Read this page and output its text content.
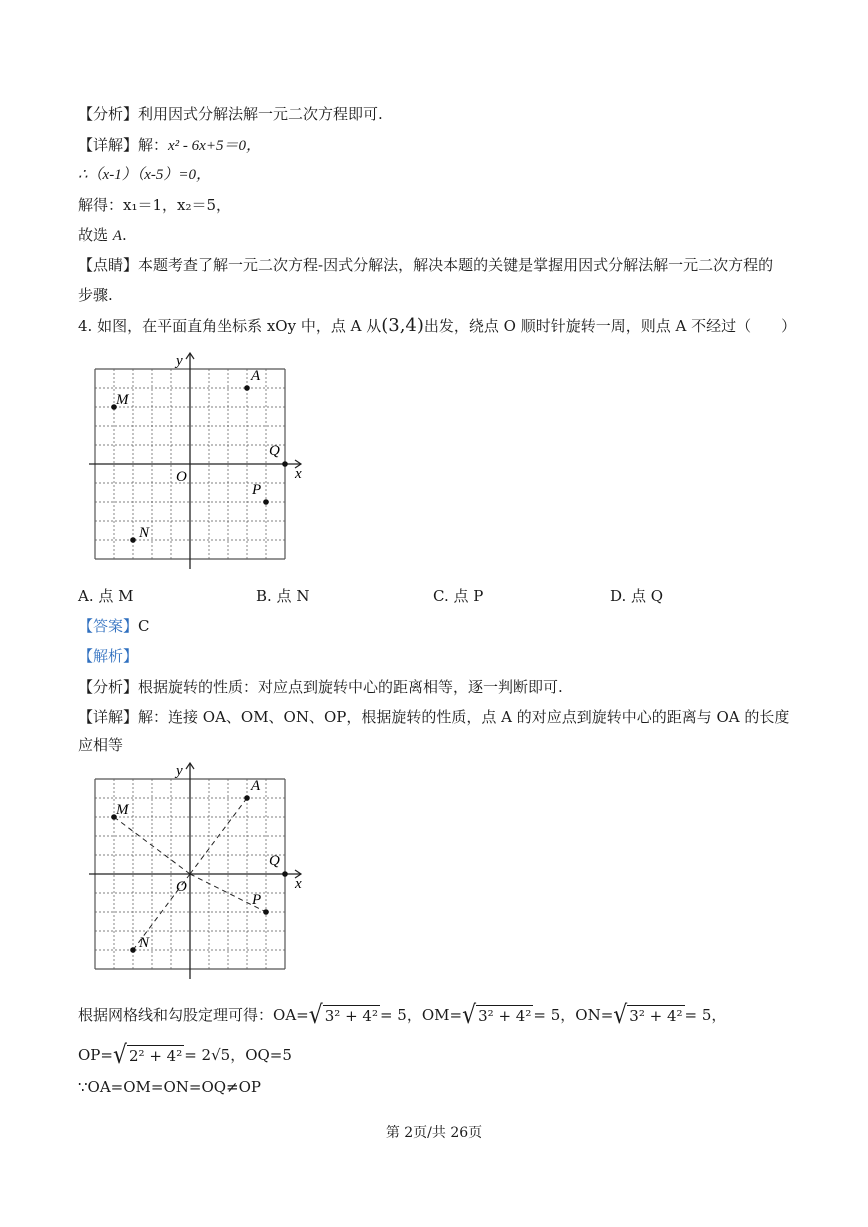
【分析】利用因式分解法解一元二次方程即可.
【详解】解：x² - 6x+5＝0，
∴（x-1）（x-5）=0，
解得：x₁＝1，x₂＝5，
故选 A.
【点睛】本题考查了解一元二次方程-因式分解法，解决本题的关键是掌握用因式分解法解一元二次方程的
步骤.
4. 如图，在平面直角坐标系 xOy 中，点 A 从(3,4)出发，绕点 O 顺时针旋转一周，则点 A 不经过（　　）
x
y
O
A
M
N
P
Q
A. 点 M	B. 点 N	C. 点 P	D. 点 Q
【答案】C
【解析】
【分析】根据旋转的性质：对应点到旋转中心的距离相等，逐一判断即可.
【详解】解：连接 OA、OM、ON、OP，根据旋转的性质，点 A 的对应点到旋转中心的距离与 OA 的长度
应相等
x
y
O
A
M
N
P
Q
根据网格线和勾股定理可得：OA= √ 3² + 4² = 5，OM= √ 3² + 4² = 5，ON= √ 3² + 4² = 5，
OP= √ 2² + 4² = 2√5，OQ=5
∵OA=OM=ON=OQ≠OP
第 2页/共 26页
